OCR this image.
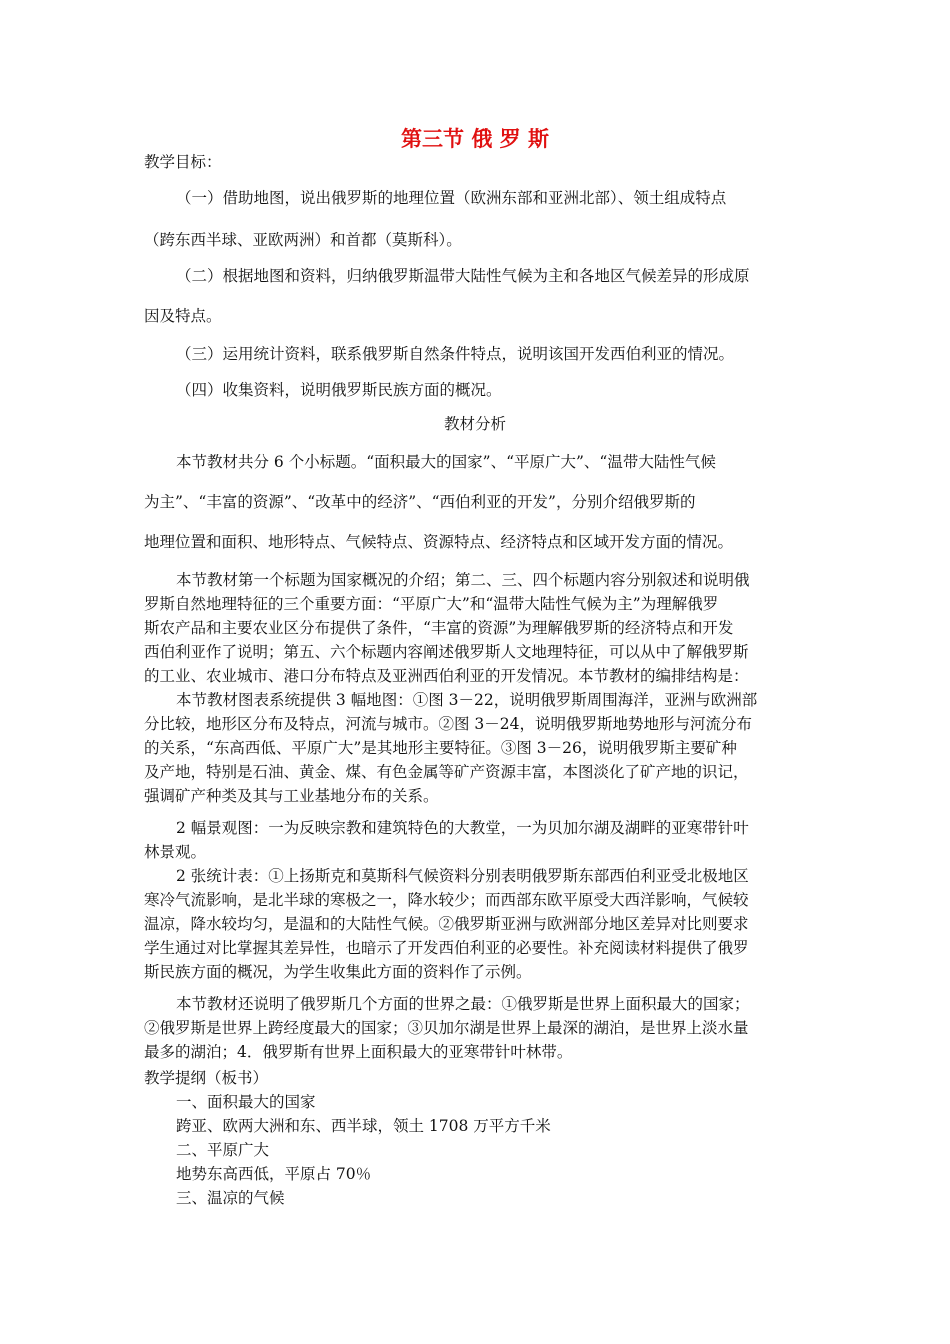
第三节 俄 罗 斯
教学目标：
（一）借助地图，说出俄罗斯的地理位置（欧洲东部和亚洲北部）、领土组成特点
（跨东西半球、亚欧两洲）和首都（莫斯科）。
（二）根据地图和资料，归纳俄罗斯温带大陆性气候为主和各地区气候差异的形成原
因及特点。
（三）运用统计资料，联系俄罗斯自然条件特点，说明该国开发西伯利亚的情况。
（四）收集资料，说明俄罗斯民族方面的概况。
教材分析
本节教材共分 6 个小标题。“面积最大的国家”、“平原广大”、“温带大陆性气候
为主”、“丰富的资源”、“改革中的经济”、“西伯利亚的开发”，分别介绍俄罗斯的
地理位置和面积、地形特点、气候特点、资源特点、经济特点和区域开发方面的情况。
本节教材第一个标题为国家概况的介绍；第二、三、四个标题内容分别叙述和说明俄
罗斯自然地理特征的三个重要方面：“平原广大”和“温带大陆性气候为主”为理解俄罗
斯农产品和主要农业区分布提供了条件，“丰富的资源”为理解俄罗斯的经济特点和开发
西伯利亚作了说明；第五、六个标题内容阐述俄罗斯人文地理特征，可以从中了解俄罗斯
的工业、农业城市、港口分布特点及亚洲西伯利亚的开发情况。本节教材的编排结构是：
本节教材图表系统提供 3 幅地图：①图 3－22，说明俄罗斯周围海洋，亚洲与欧洲部
分比较，地形区分布及特点，河流与城市。②图 3－24，说明俄罗斯地势地形与河流分布
的关系，“东高西低、平原广大”是其地形主要特征。③图 3－26，说明俄罗斯主要矿种
及产地，特别是石油、黄金、煤、有色金属等矿产资源丰富，本图淡化了矿产地的识记，
强调矿产种类及其与工业基地分布的关系。
2 幅景观图：一为反映宗教和建筑特色的大教堂，一为贝加尔湖及湖畔的亚寒带针叶
林景观。
2 张统计表：①上扬斯克和莫斯科气候资料分别表明俄罗斯东部西伯利亚受北极地区
寒冷气流影响，是北半球的寒极之一，降水较少；而西部东欧平原受大西洋影响，气候较
温凉，降水较均匀，是温和的大陆性气候。②俄罗斯亚洲与欧洲部分地区差异对比则要求
学生通过对比掌握其差异性，也暗示了开发西伯利亚的必要性。补充阅读材料提供了俄罗
斯民族方面的概况，为学生收集此方面的资料作了示例。
本节教材还说明了俄罗斯几个方面的世界之最：①俄罗斯是世界上面积最大的国家；
②俄罗斯是世界上跨经度最大的国家；③贝加尔湖是世界上最深的湖泊，是世界上淡水量
最多的湖泊；4．俄罗斯有世界上面积最大的亚寒带针叶林带。
教学提纲（板书）
一、面积最大的国家
跨亚、欧两大洲和东、西半球，领土 1708 万平方千米
二、平原广大
地势东高西低，平原占 70％
三、温凉的气候
